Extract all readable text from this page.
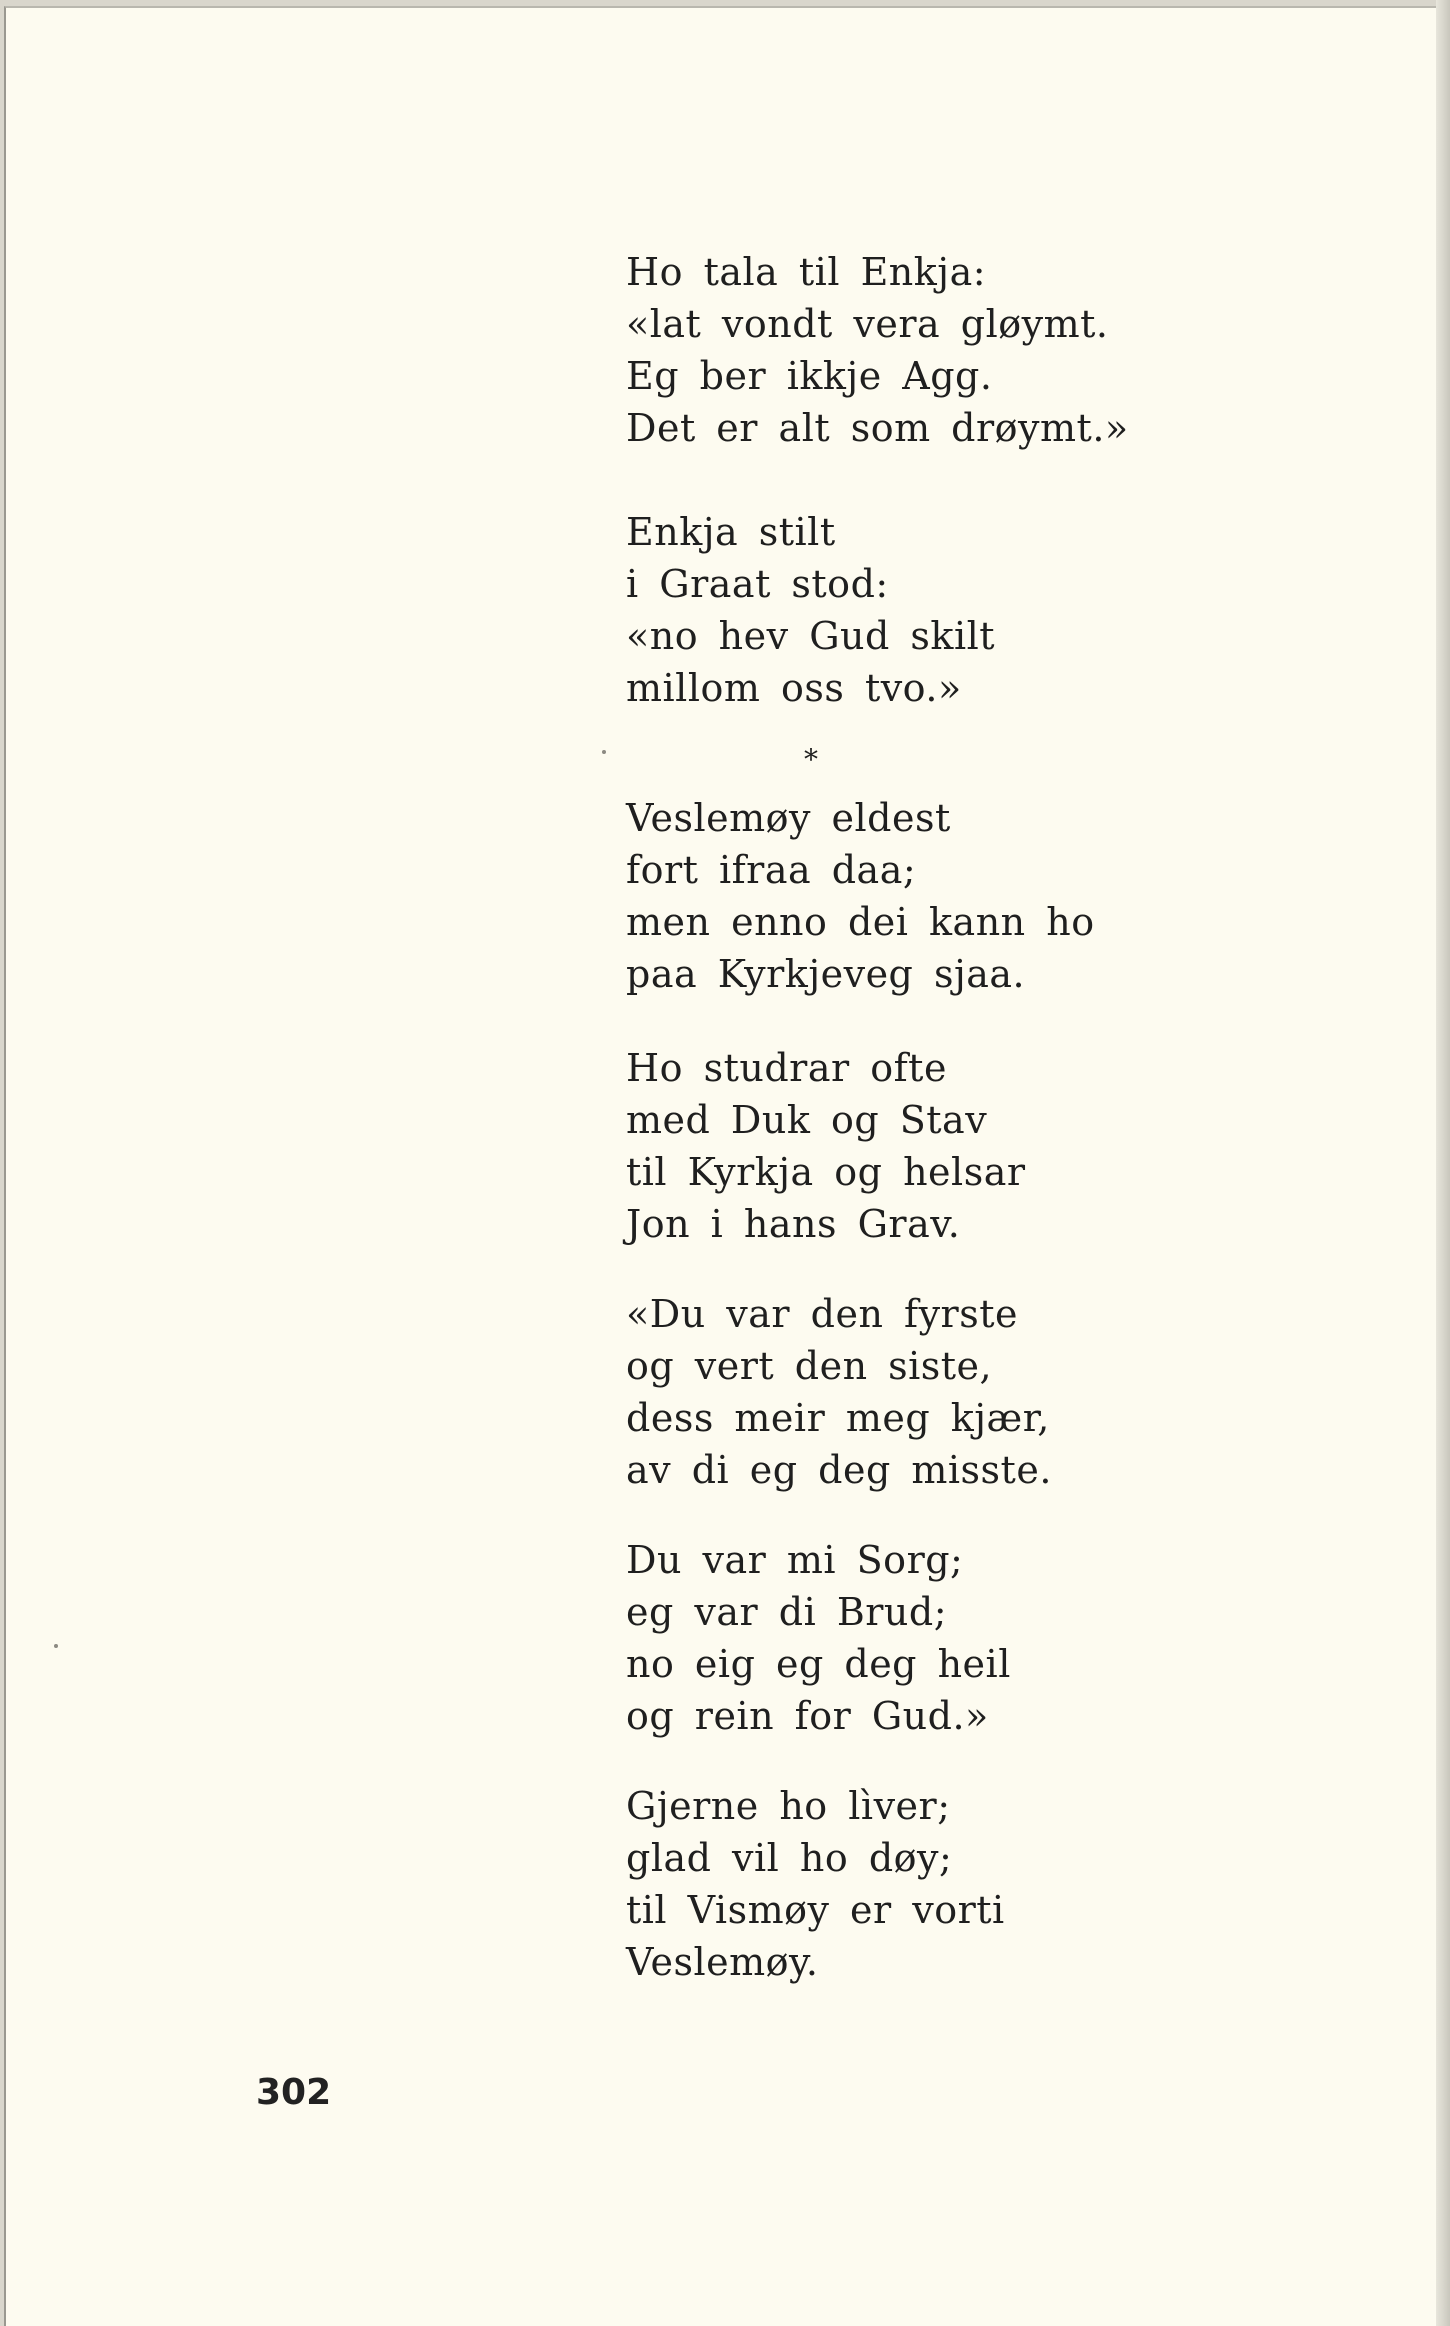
Ho tala til Enkja:
«lat vondt vera gløymt.
Eg ber ikkje Agg.
Det er alt som drøymt.»
Enkja stilt
i Graat stod:
«no hev Gud skilt
millom oss tvo.»
*
Veslemøy eldest
fort ifraa daa;
men enno dei kann ho
paa Kyrkjeveg sjaa.
Ho studrar ofte
med Duk og Stav
til Kyrkja og helsar
Jon i hans Grav.
«Du var den fyrste
og vert den siste,
dess meir meg kjær,
av di eg deg misste.
Du var mi Sorg;
eg var di Brud;
no eig eg deg heil
og rein for Gud.»
Gjerne ho lìver;
glad vil ho døy;
til Vismøy er vorti
Veslemøy.
302
